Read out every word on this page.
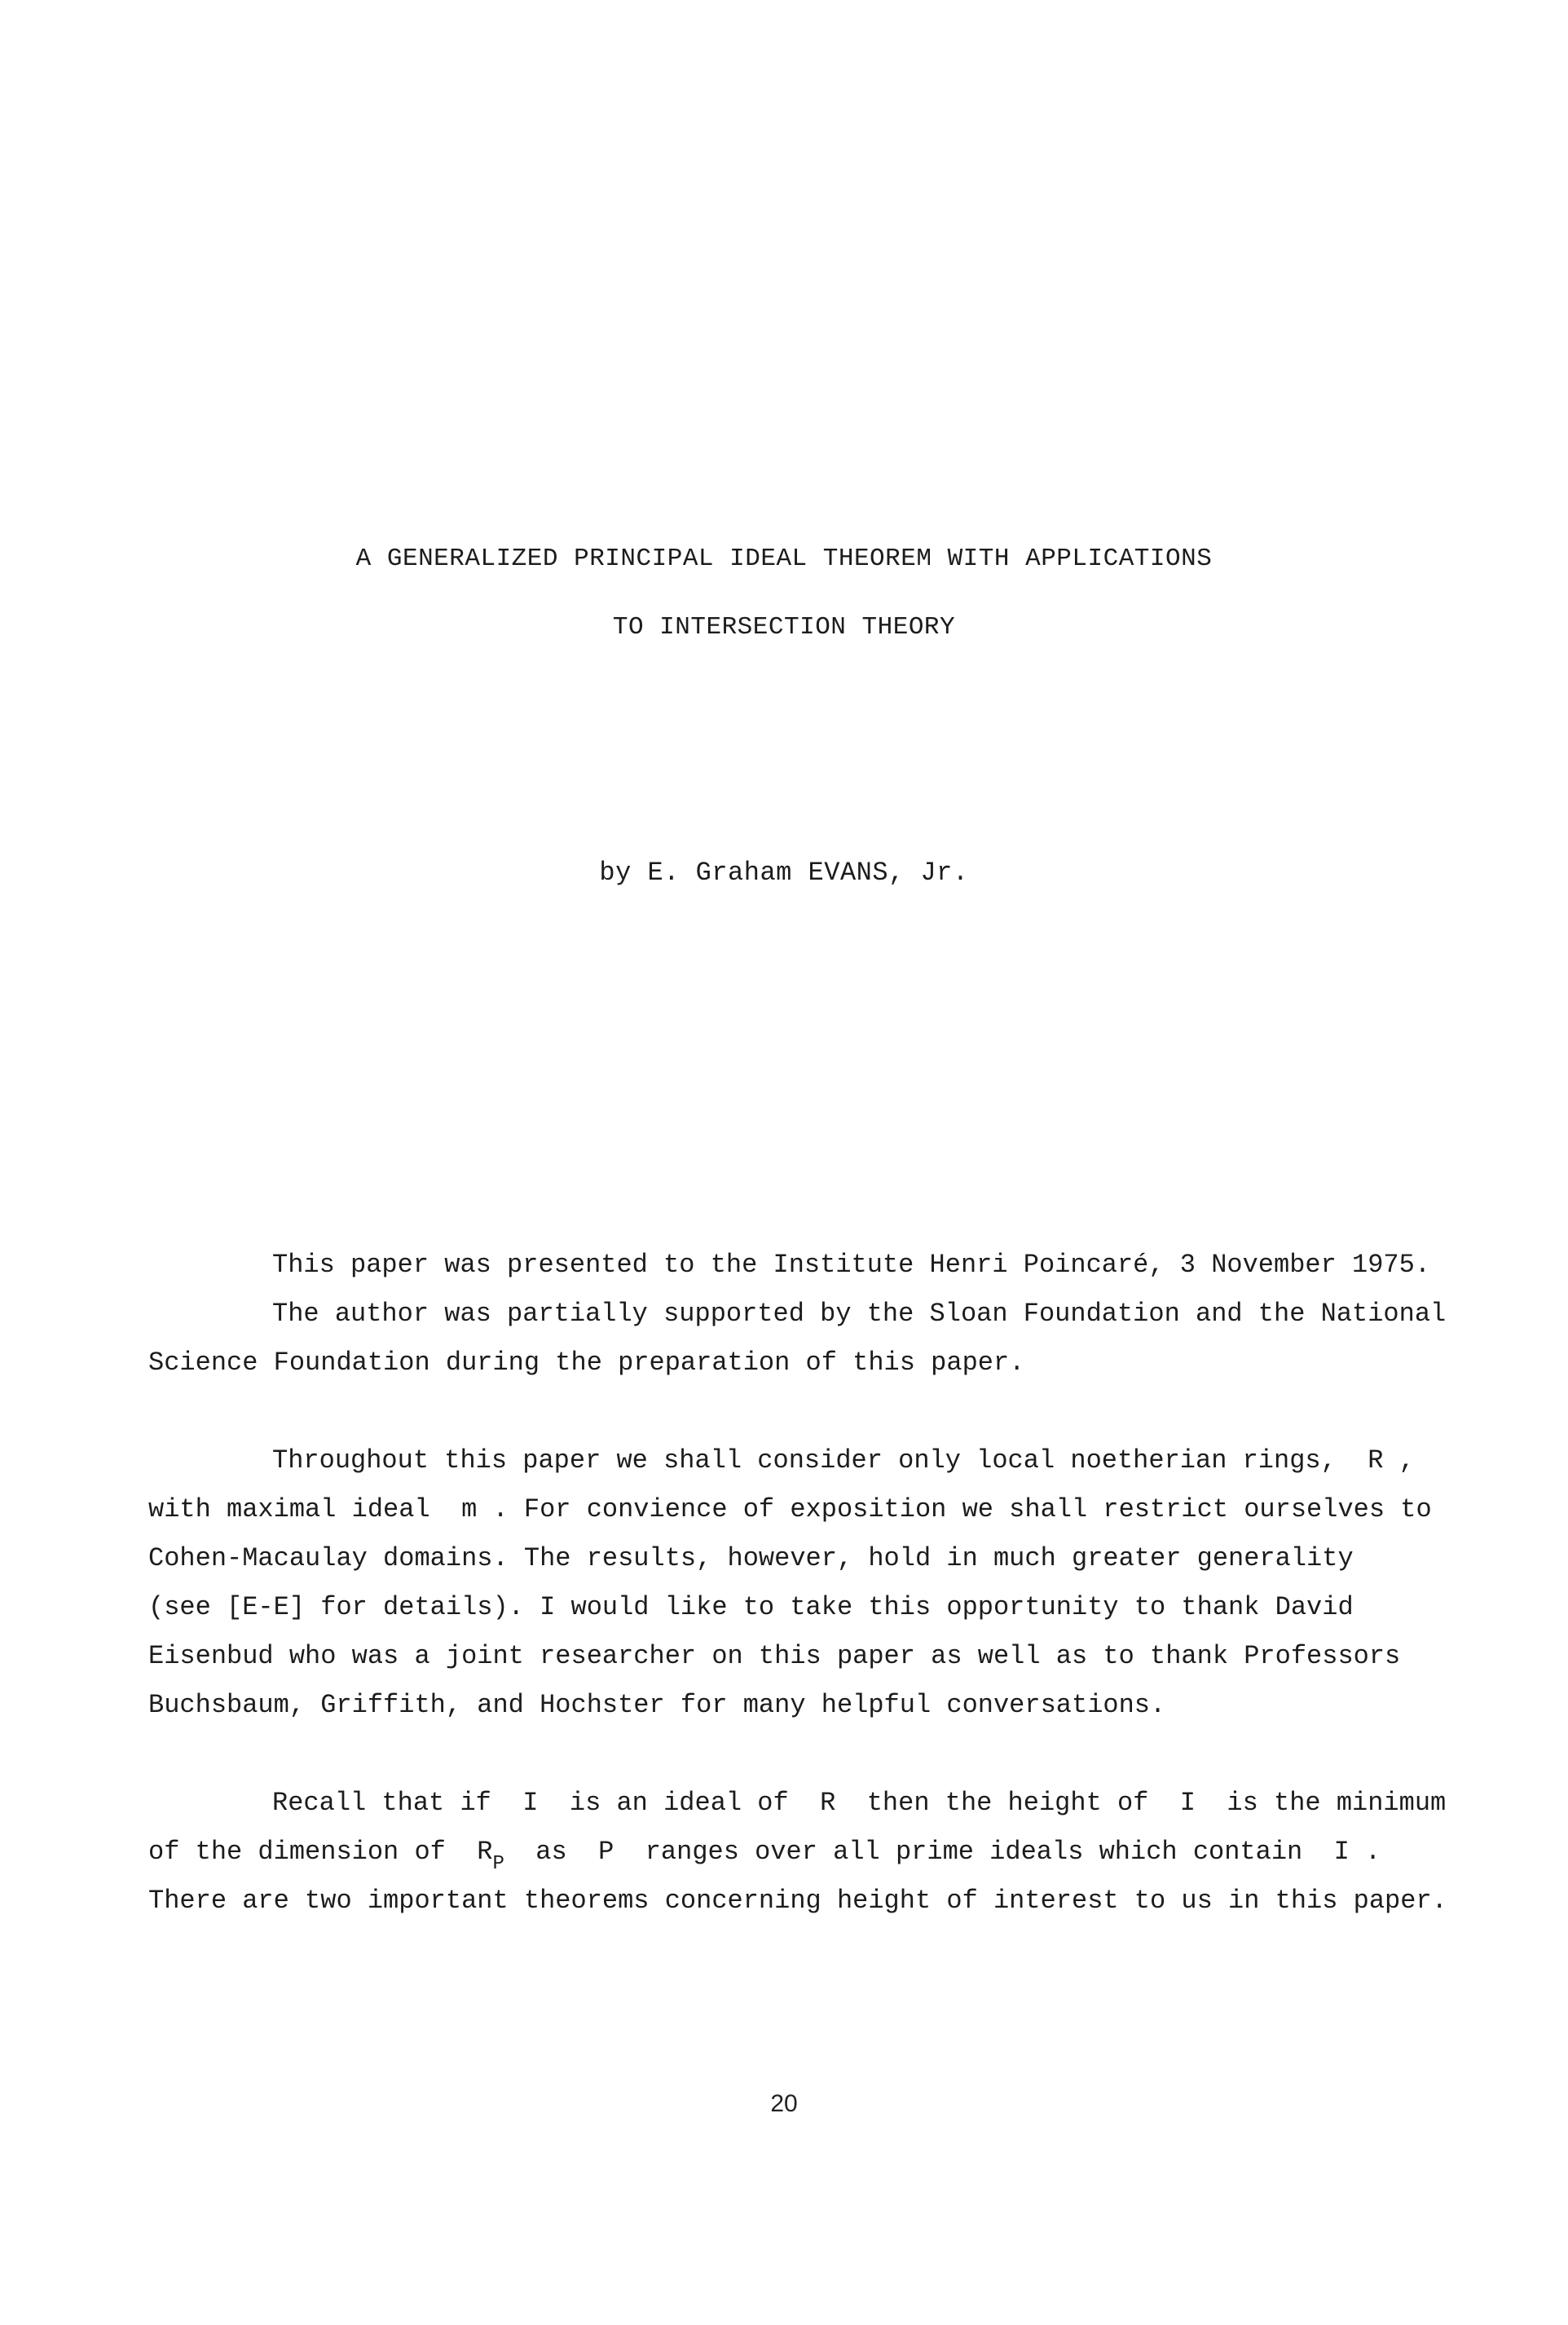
A GENERALIZED PRINCIPAL IDEAL THEOREM WITH APPLICATIONS
TO INTERSECTION THEORY
by E. Graham EVANS, Jr.
This paper was presented to the Institute Henri Poincaré, 3 November 1975.
The author was partially supported by the Sloan Foundation and the National
Science Foundation during the preparation of this paper.
Throughout this paper we shall consider only local noetherian rings,  R ,
with maximal ideal  m . For convience of exposition we shall restrict ourselves to
Cohen-Macaulay domains. The results, however, hold in much greater generality
(see [E-E] for details). I would like to take this opportunity to thank David
Eisenbud who was a joint researcher on this paper as well as to thank Professors
Buchsbaum, Griffith, and Hochster for many helpful conversations.
Recall that if  I  is an ideal of  R  then the height of  I  is the minimum
of the dimension of  $R_P$  as  P  ranges over all prime ideals which contain  I .
There are two important theorems concerning height of interest to us in this paper.
20
